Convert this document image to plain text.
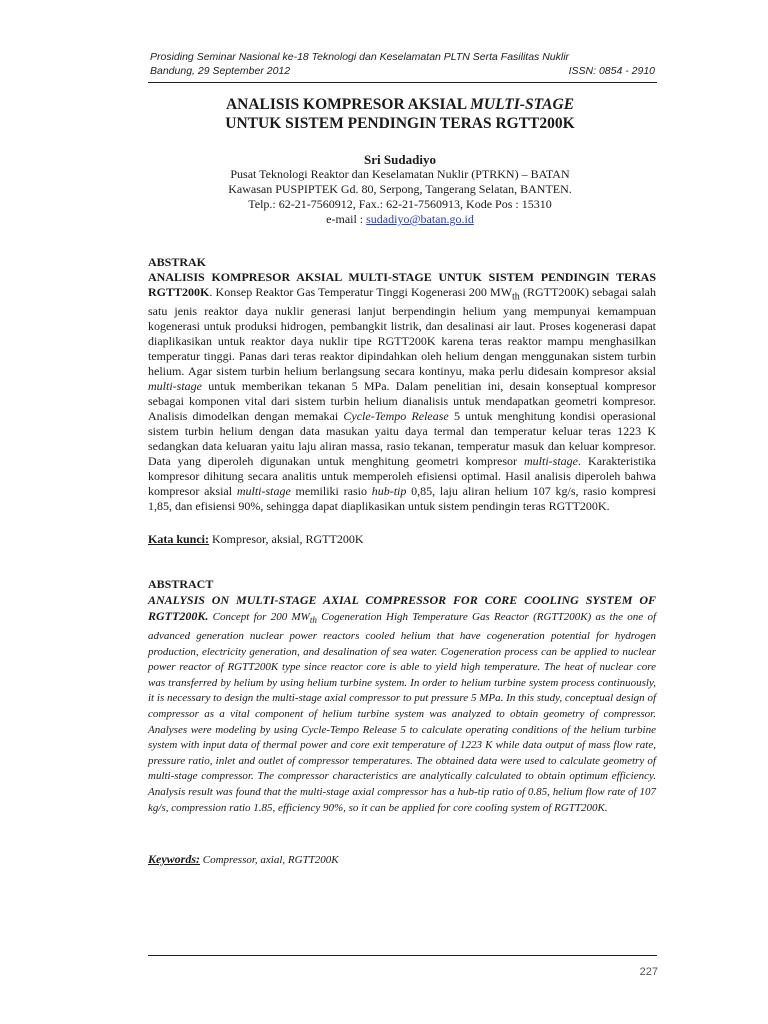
Prosiding Seminar Nasional ke-18 Teknologi dan Keselamatan PLTN Serta Fasilitas Nuklir
Bandung, 29 September 2012	ISSN: 0854 - 2910
ANALISIS KOMPRESOR AKSIAL MULTI-STAGE
UNTUK SISTEM PENDINGIN TERAS RGTT200K
Sri Sudadiyo
Pusat Teknologi Reaktor dan Keselamatan Nuklir (PTRKN) – BATAN
Kawasan PUSPIPTEK Gd. 80, Serpong, Tangerang Selatan, BANTEN.
Telp.: 62-21-7560912, Fax.: 62-21-7560913, Kode Pos : 15310
e-mail : sudadiyo@batan.go.id
ABSTRAK
ANALISIS KOMPRESOR AKSIAL MULTI-STAGE UNTUK SISTEM PENDINGIN TERAS RGTT200K. Konsep Reaktor Gas Temperatur Tinggi Kogenerasi 200 $MW_{th}$ (RGTT200K) sebagai salah satu jenis reaktor daya nuklir generasi lanjut berpendingin helium yang mempunyai kemampuan kogenerasi untuk produksi hidrogen, pembangkit listrik, dan desalinasi air laut. Proses kogenerasi dapat diaplikasikan untuk reaktor daya nuklir tipe RGTT200K karena teras reaktor mampu menghasilkan temperatur tinggi. Panas dari teras reaktor dipindahkan oleh helium dengan menggunakan sistem turbin helium. Agar sistem turbin helium berlangsung secara kontinyu, maka perlu didesain kompresor aksial multi-stage untuk memberikan tekanan 5 MPa. Dalam penelitian ini, desain konseptual kompresor sebagai komponen vital dari sistem turbin helium dianalisis untuk mendapatkan geometri kompresor. Analisis dimodelkan dengan memakai Cycle-Tempo Release 5 untuk menghitung kondisi operasional sistem turbin helium dengan data masukan yaitu daya termal dan temperatur keluar teras 1223 K sedangkan data keluaran yaitu laju aliran massa, rasio tekanan, temperatur masuk dan keluar kompresor. Data yang diperoleh digunakan untuk menghitung geometri kompresor multi-stage. Karakteristika kompresor dihitung secara analitis untuk memperoleh efisiensi optimal. Hasil analisis diperoleh bahwa kompresor aksial multi-stage memiliki rasio hub-tip 0,85, laju aliran helium 107 kg/s, rasio kompresi 1,85, dan efisiensi 90%, sehingga dapat diaplikasikan untuk sistem pendingin teras RGTT200K.
Kata kunci: Kompresor, aksial, RGTT200K
ABSTRACT
ANALYSIS ON MULTI-STAGE AXIAL COMPRESSOR FOR CORE COOLING SYSTEM OF RGTT200K. Concept for 200 $MW_{th}$ Cogeneration High Temperature Gas Reactor (RGTT200K) as the one of advanced generation nuclear power reactors cooled helium that have cogeneration potential for hydrogen production, electricity generation, and desalination of sea water. Cogeneration process can be applied to nuclear power reactor of RGTT200K type since reactor core is able to yield high temperature. The heat of nuclear core was transferred by helium by using helium turbine system. In order to helium turbine system process continuously, it is necessary to design the multi-stage axial compressor to put pressure 5 MPa. In this study, conceptual design of compressor as a vital component of helium turbine system was analyzed to obtain geometry of compressor. Analyses were modeling by using Cycle-Tempo Release 5 to calculate operating conditions of the helium turbine system with input data of thermal power and core exit temperature of 1223 K while data output of mass flow rate, pressure ratio, inlet and outlet of compressor temperatures. The obtained data were used to calculate geometry of multi-stage compressor. The compressor characteristics are analytically calculated to obtain optimum efficiency. Analysis result was found that the multi-stage axial compressor has a hub-tip ratio of 0.85, helium flow rate of 107 kg/s, compression ratio 1.85, efficiency 90%, so it can be applied for core cooling system of RGTT200K.
Keywords: Compressor, axial, RGTT200K
227
